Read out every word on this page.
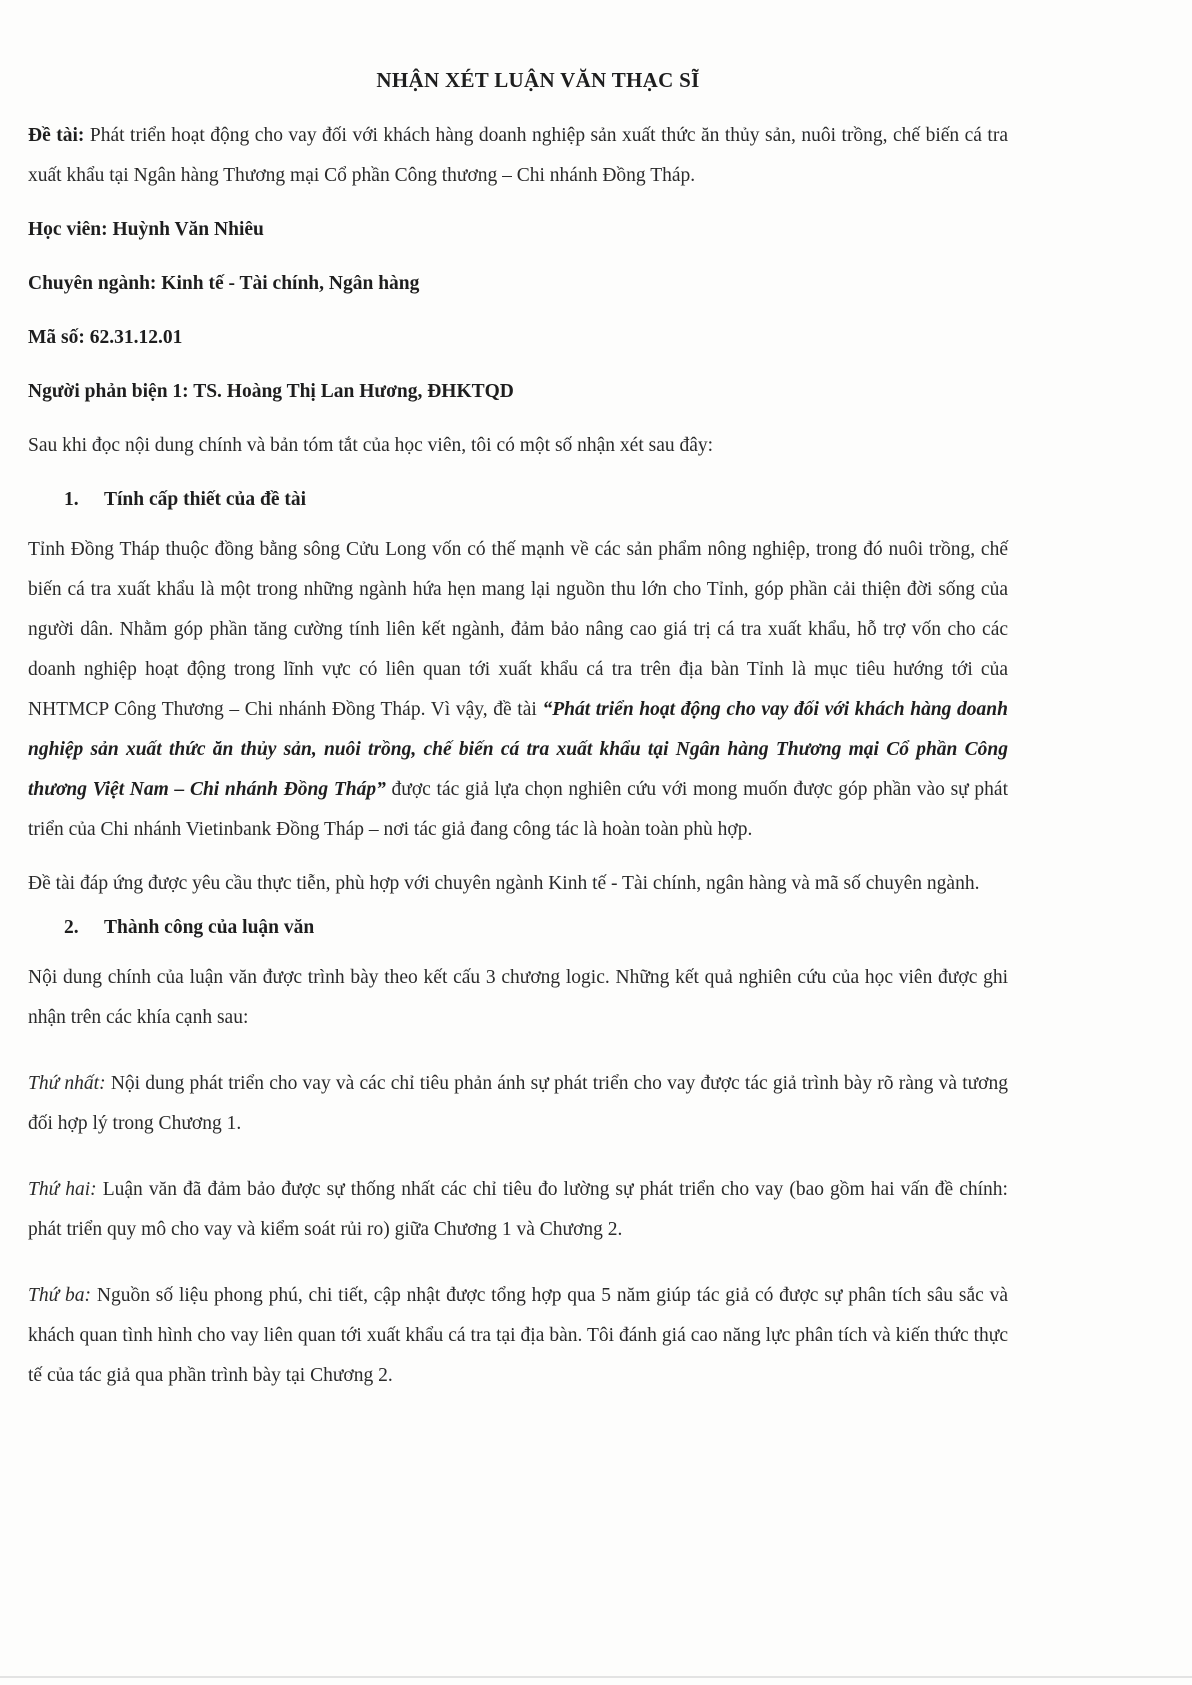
NHẬN XÉT LUẬN VĂN THẠC SĨ
Đề tài: Phát triển hoạt động cho vay đối với khách hàng doanh nghiệp sản xuất thức ăn thủy sản, nuôi trồng, chế biến cá tra xuất khẩu tại Ngân hàng Thương mại Cổ phần Công thương – Chi nhánh Đồng Tháp.
Học viên: Huỳnh Văn Nhiêu
Chuyên ngành: Kinh tế - Tài chính, Ngân hàng
Mã số: 62.31.12.01
Người phản biện 1: TS. Hoàng Thị Lan Hương, ĐHKTQD
Sau khi đọc nội dung chính và bản tóm tắt của học viên, tôi có một số nhận xét sau đây:
1. Tính cấp thiết của đề tài
Tỉnh Đồng Tháp thuộc đồng bằng sông Cửu Long vốn có thế mạnh về các sản phẩm nông nghiệp, trong đó nuôi trồng, chế biến cá tra xuất khẩu là một trong những ngành hứa hẹn mang lại nguồn thu lớn cho Tỉnh, góp phần cải thiện đời sống của người dân. Nhằm góp phần tăng cường tính liên kết ngành, đảm bảo nâng cao giá trị cá tra xuất khẩu, hỗ trợ vốn cho các doanh nghiệp hoạt động trong lĩnh vực có liên quan tới xuất khẩu cá tra trên địa bàn Tỉnh là mục tiêu hướng tới của NHTMCP Công Thương – Chi nhánh Đồng Tháp. Vì vậy, đề tài “Phát triển hoạt động cho vay đối với khách hàng doanh nghiệp sản xuất thức ăn thủy sản, nuôi trồng, chế biến cá tra xuất khẩu tại Ngân hàng Thương mại Cổ phần Công thương Việt Nam – Chi nhánh Đồng Tháp” được tác giả lựa chọn nghiên cứu với mong muốn được góp phần vào sự phát triển của Chi nhánh Vietinbank Đồng Tháp – nơi tác giả đang công tác là hoàn toàn phù hợp.
Đề tài đáp ứng được yêu cầu thực tiễn, phù hợp với chuyên ngành Kinh tế - Tài chính, ngân hàng và mã số chuyên ngành.
2. Thành công của luận văn
Nội dung chính của luận văn được trình bày theo kết cấu 3 chương logic. Những kết quả nghiên cứu của học viên được ghi nhận trên các khía cạnh sau:
Thứ nhất: Nội dung phát triển cho vay và các chỉ tiêu phản ánh sự phát triển cho vay được tác giả trình bày rõ ràng và tương đối hợp lý trong Chương 1.
Thứ hai: Luận văn đã đảm bảo được sự thống nhất các chỉ tiêu đo lường sự phát triển cho vay (bao gồm hai vấn đề chính: phát triển quy mô cho vay và kiểm soát rủi ro) giữa Chương 1 và Chương 2.
Thứ ba: Nguồn số liệu phong phú, chi tiết, cập nhật được tổng hợp qua 5 năm giúp tác giả có được sự phân tích sâu sắc và khách quan tình hình cho vay liên quan tới xuất khẩu cá tra tại địa bàn. Tôi đánh giá cao năng lực phân tích và kiến thức thực tế của tác giả qua phần trình bày tại Chương 2.
